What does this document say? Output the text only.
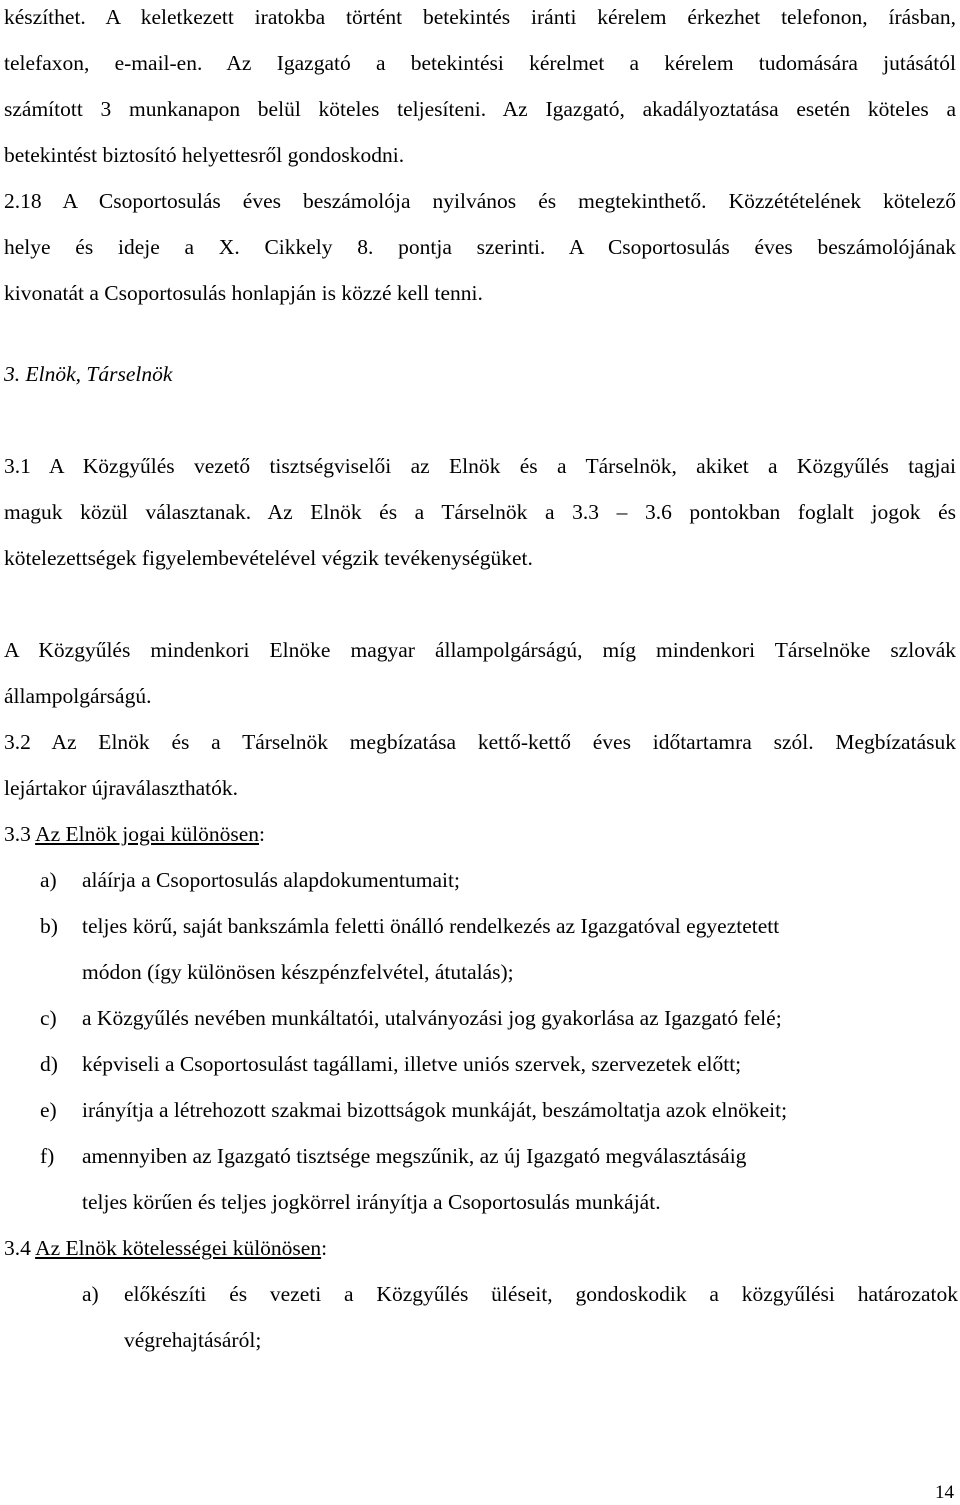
készíthet. A keletkezett iratokba történt betekintés iránti kérelem érkezhet telefonon, írásban,
telefaxon, e-mail-en. Az Igazgató a betekintési kérelmet a kérelem tudomására jutásától
számított 3 munkanapon belül köteles teljesíteni. Az Igazgató, akadályoztatása esetén köteles a
betekintést biztosító helyettesről gondoskodni.
2.18 A Csoportosulás éves beszámolója nyilvános és megtekinthető. Közzétételének kötelező
helye és ideje a X. Cikkely 8. pontja szerinti. A Csoportosulás éves beszámolójának
kivonatát a Csoportosulás honlapján is közzé kell tenni.
3. Elnök, Társelnök
3.1 A Közgyűlés vezető tisztségviselői az Elnök és a Társelnök, akiket a Közgyűlés tagjai
maguk közül választanak. Az Elnök és a Társelnök a 3.3 – 3.6 pontokban foglalt jogok és
kötelezettségek figyelembevételével végzik tevékenységüket.
A Közgyűlés mindenkori Elnöke magyar állampolgárságú, míg mindenkori Társelnöke szlovák
állampolgárságú.
3.2 Az Elnök és a Társelnök megbízatása kettő-kettő éves időtartamra szól. Megbízatásuk
lejártakor újraválaszthatók.
3.3 Az Elnök jogai különösen:
a) aláírja a Csoportosulás alapdokumentumait;
b) teljes körű, saját bankszámla feletti önálló rendelkezés az Igazgatóval egyeztetett
módon (így különösen készpénzfelvétel, átutalás);
c) a Közgyűlés nevében munkáltatói, utalványozási jog gyakorlása az Igazgató felé;
d) képviseli a Csoportosulást tagállami, illetve uniós szervek, szervezetek előtt;
e) irányítja a létrehozott szakmai bizottságok munkáját, beszámoltatja azok elnökeit;
f) amennyiben az Igazgató tisztsége megszűnik, az új Igazgató megválasztásáig
teljes körűen és teljes jogkörrel irányítja a Csoportosulás munkáját.
3.4 Az Elnök kötelességei különösen:
a) előkészíti és vezeti a Közgyűlés üléseit, gondoskodik a közgyűlési határozatok
végrehajtásáról;
14
